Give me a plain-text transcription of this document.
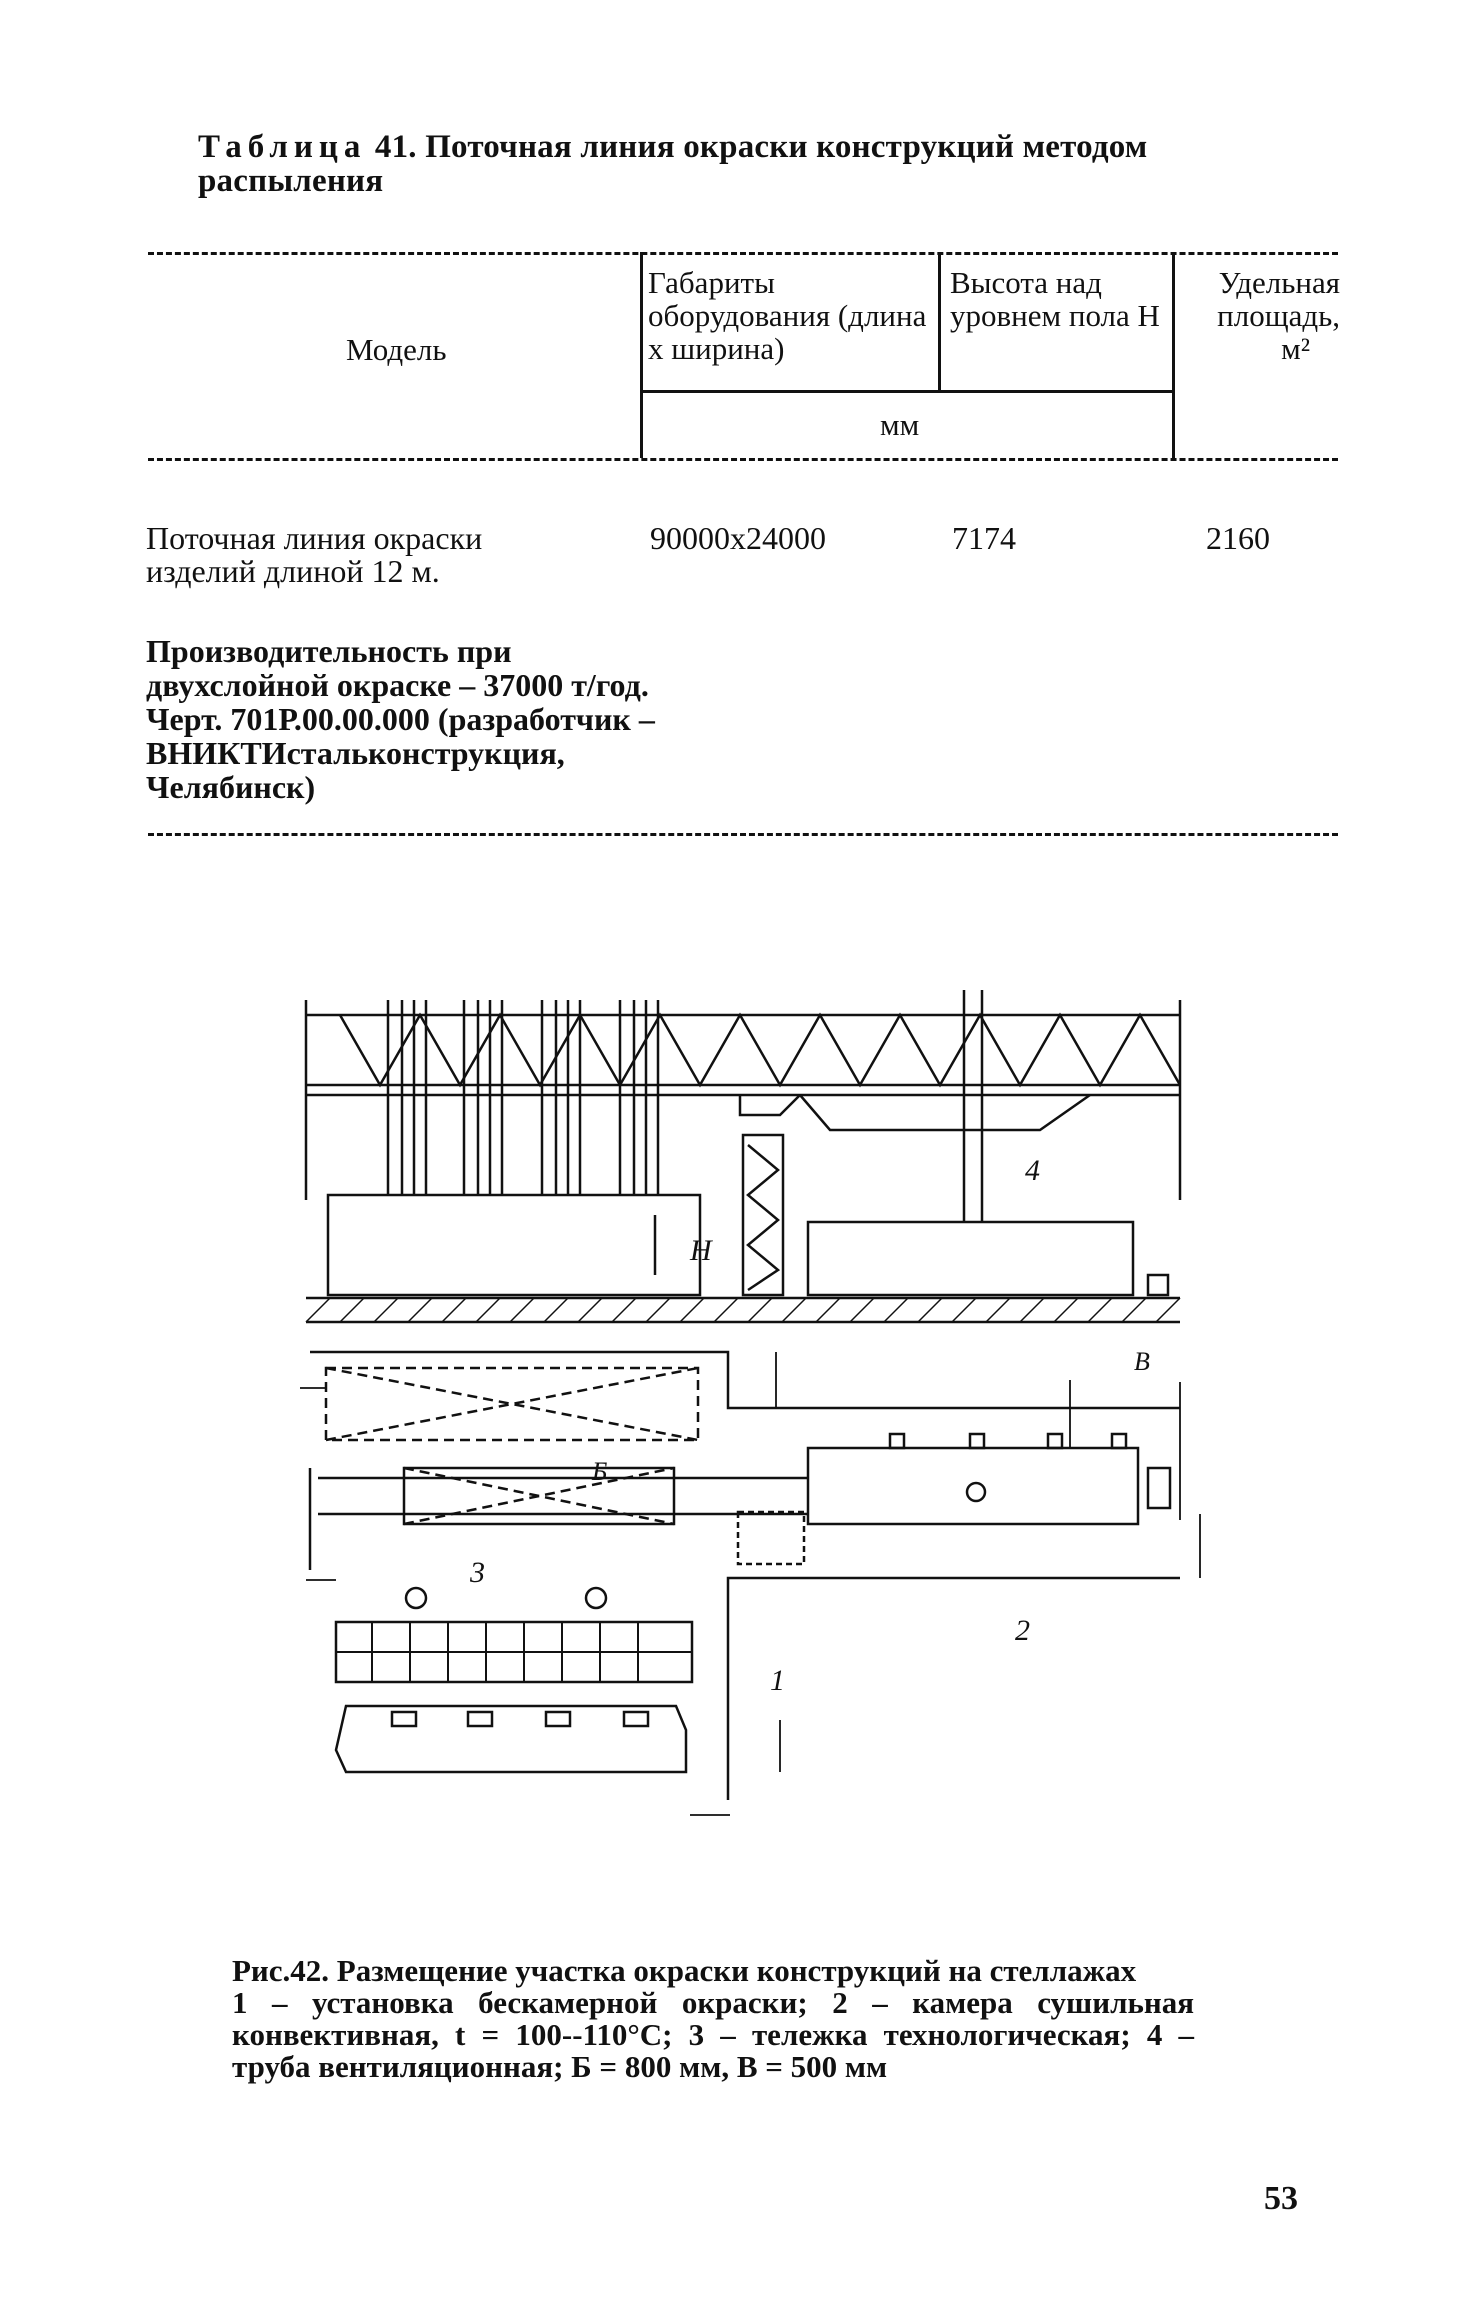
Таблица 41. Поточная линия окраски конструкций методом распыления
Модель
Габариты оборудования (длина х ширина)
Высота над уровнем пола H
Удельная
площадь,
м²
мм
Поточная линия окраски изделий длиной 12 м.
90000х24000	7174	2160
Производительность при двухслойной окраске – 37000 т/год. Черт. 701Р.00.00.000 (разработчик – ВНИКТИстальконструкция, Челябинск)
H
4
3
2
1
Б
В
Рис.42. Размещение участка окраски конструкций на стеллажах
1 – установка бескамерной окраски; 2 – камера сушильная конвективная, t = 100--110°С; 3 – тележка технологическая; 4 – труба вентиляционная; Б = 800 мм, В = 500 мм
53
